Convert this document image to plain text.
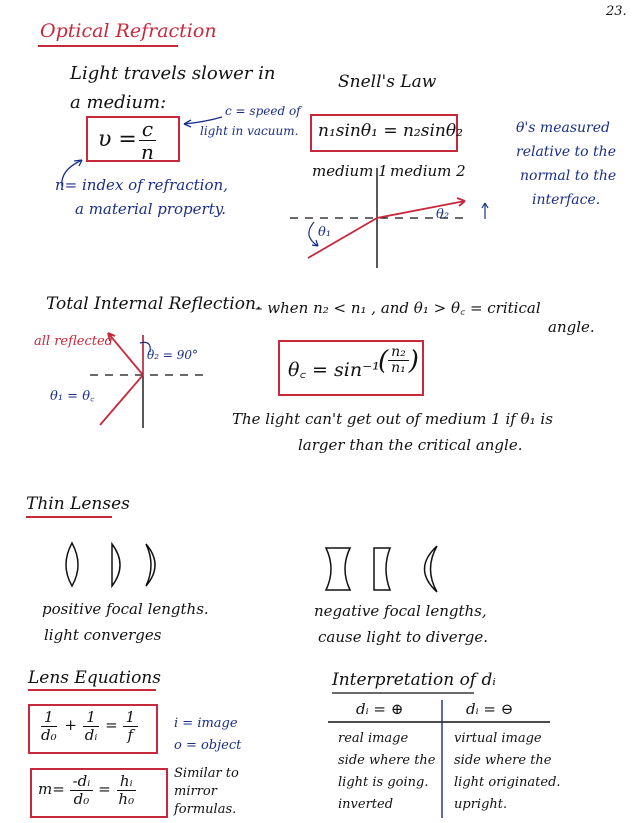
23.
Optical Refraction
Light travels slower in
a medium:
$\upsilon = \frac{c}{n}$
c = speed of
light in vacuum.
n= index of refraction,
a material property.
Snell's Law
n₁sinθ₁ = n₂sinθ₂	θ's measured
relative to the
normal to the
interface.
medium 1 medium 2
θ₁
θ₂
Total Internal Reflection.
– when n₂ < n₁ , and θ₁ > θ꜀ = critical
angle.
all reflected
θ₂ = 90°
θ₁ = θ꜀
θ꜀ = sin⁻¹
( $\frac{\text{n₂}}{\text{n₁}}$ )
The light can't get out of medium 1 if θ₁ is
larger than the critical angle.
Thin Lenses
positive focal lengths.
light converges
negative focal lengths,
cause light to diverge.
Lens Equations
$\frac{1}{\text{d₀}} + \frac{1}{\text{dᵢ}} = \frac{1}{f}$
$m= \frac{\text{-dᵢ}}{\text{d₀}} = \frac{\text{hᵢ}}{\text{h₀}}$
i = image
o = object
Similar to
mirror
formulas.
Interpretation of dᵢ
dᵢ = ⊕	dᵢ = ⊖
real image
side where the
light is going.
inverted
virtual image
side where the
light originated.
upright.
